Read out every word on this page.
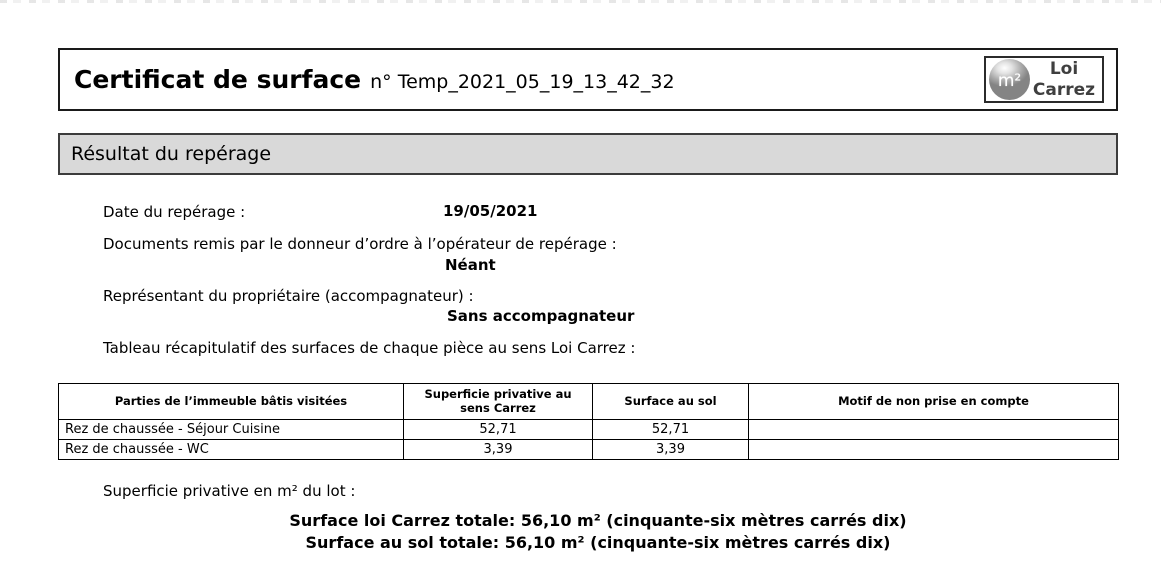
Certificat de surface n° Temp_2021_05_19_13_42_32	m²
Loi
Carrez
Résultat du repérage
Date du repérage :	19/05/2021
Documents remis par le donneur d’ordre à l’opérateur de repérage :
Néant
Représentant du propriétaire (accompagnateur) :
Sans accompagnateur
Tableau récapitulatif des surfaces de chaque pièce au sens Loi Carrez :
Parties de l’immeuble bâtis visitées	Superficie privative au sens Carrez	Surface au sol	Motif de non prise en compte
Rez de chaussée - Séjour Cuisine	52,71	52,71	
Rez de chaussée - WC	3,39	3,39	
Superficie privative en m² du lot :
Surface loi Carrez totale: 56,10 m² (cinquante-six mètres carrés dix)
Surface au sol totale: 56,10 m² (cinquante-six mètres carrés dix)
